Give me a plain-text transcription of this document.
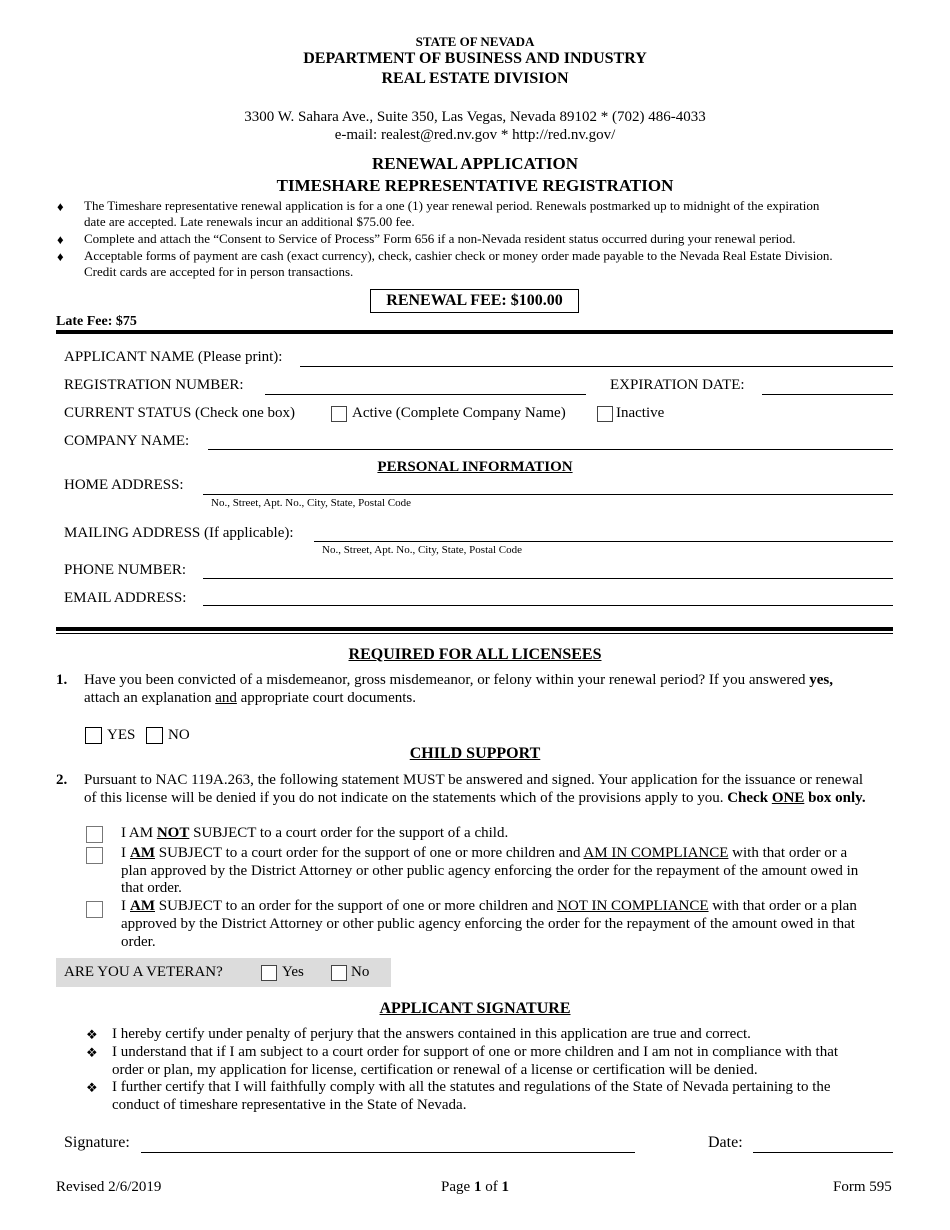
STATE OF NEVADA
DEPARTMENT OF BUSINESS AND INDUSTRY
REAL ESTATE DIVISION
3300 W. Sahara Ave., Suite 350, Las Vegas, Nevada 89102 * (702) 486-4033
e-mail: realest@red.nv.gov * http://red.nv.gov/
RENEWAL APPLICATION
TIMESHARE REPRESENTATIVE REGISTRATION
♦ The Timeshare representative renewal application is for a one (1) year renewal period. Renewals postmarked up to midnight of the expiration
date are accepted. Late renewals incur an additional $75.00 fee.
♦ Complete and attach the “Consent to Service of Process” Form 656 if a non-Nevada resident status occurred during your renewal period.
♦ Acceptable forms of payment are cash (exact currency), check, cashier check or money order made payable to the Nevada Real Estate Division.
Credit cards are accepted for in person transactions.
RENEWAL FEE: $100.00
Late Fee: $75
APPLICANT NAME (Please print):
REGISTRATION NUMBER:	EXPIRATION DATE:
CURRENT STATUS (Check one box)	Active (Complete Company Name)	Inactive
COMPANY NAME:
PERSONAL INFORMATION
HOME ADDRESS:
No., Street, Apt. No., City, State, Postal Code
MAILING ADDRESS (If applicable):
No., Street, Apt. No., City, State, Postal Code
PHONE NUMBER:
EMAIL ADDRESS:
REQUIRED FOR ALL LICENSEES
1. Have you been convicted of a misdemeanor, gross misdemeanor, or felony within your renewal period? If you answered yes,
attach an explanation and appropriate court documents.
YES NO
CHILD SUPPORT
2. Pursuant to NAC 119A.263, the following statement MUST be answered and signed. Your application for the issuance or renewal
of this license will be denied if you do not indicate on the statements which of the provisions apply to you. Check ONE box only.
I AM NOT SUBJECT to a court order for the support of a child.
I AM SUBJECT to a court order for the support of one or more children and AM IN COMPLIANCE with that order or a
plan approved by the District Attorney or other public agency enforcing the order for the repayment of the amount owed in
that order.
I AM SUBJECT to an order for the support of one or more children and NOT IN COMPLIANCE with that order or a plan
approved by the District Attorney or other public agency enforcing the order for the repayment of the amount owed in that
order.
ARE YOU A VETERAN?	Yes	No
APPLICANT SIGNATURE
❖ I hereby certify under penalty of perjury that the answers contained in this application are true and correct.
❖ I understand that if I am subject to a court order for support of one or more children and I am not in compliance with that
order or plan, my application for license, certification or renewal of a license or certification will be denied.
❖ I further certify that I will faithfully comply with all the statutes and regulations of the State of Nevada pertaining to the
conduct of timeshare representative in the State of Nevada.
Signature:	Date:
Revised 2/6/2019	Page 1 of 1	Form 595
